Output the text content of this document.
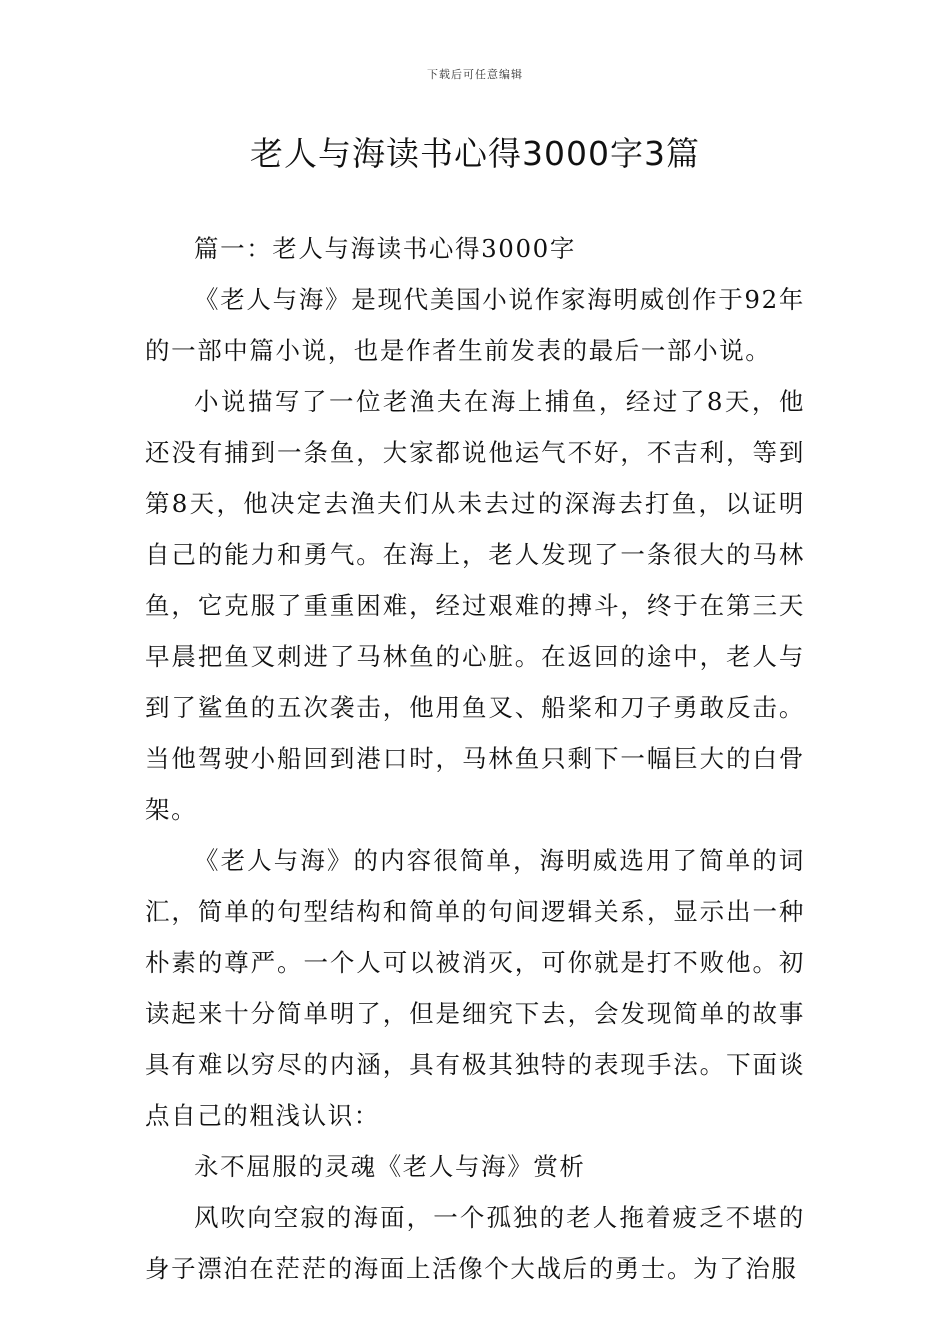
下载后可任意编辑
老人与海读书心得3000字3篇

篇一：老人与海读书心得3000字

《老人与海》是现代美国小说作家海明威创作于92年的一部中篇小说，也是作者生前发表的最后一部小说。

小说描写了一位老渔夫在海上捕鱼，经过了8天，他还没有捕到一条鱼，大家都说他运气不好，不吉利，等到第8天，他决定去渔夫们从未去过的深海去打鱼，以证明自己的能力和勇气。在海上，老人发现了一条很大的马林鱼，它克服了重重困难，经过艰难的搏斗，终于在第三天早晨把鱼叉刺进了马林鱼的心脏。在返回的途中，老人与到了鲨鱼的五次袭击，他用鱼叉、船桨和刀子勇敢反击。当他驾驶小船回到港口时，马林鱼只剩下一幅巨大的白骨架。

《老人与海》的内容很简单，海明威选用了简单的词汇，简单的句型结构和简单的句间逻辑关系，显示出一种朴素的尊严。一个人可以被消灭，可你就是打不败他。初读起来十分简单明了，但是细究下去，会发现简单的故事具有难以穷尽的内涵，具有极其独特的表现手法。下面谈点自己的粗浅认识：

永不屈服的灵魂《老人与海》赏析

风吹向空寂的海面，一个孤独的老人拖着疲乏不堪的身子漂泊在茫茫的海面上活像个大战后的勇士。为了治服
